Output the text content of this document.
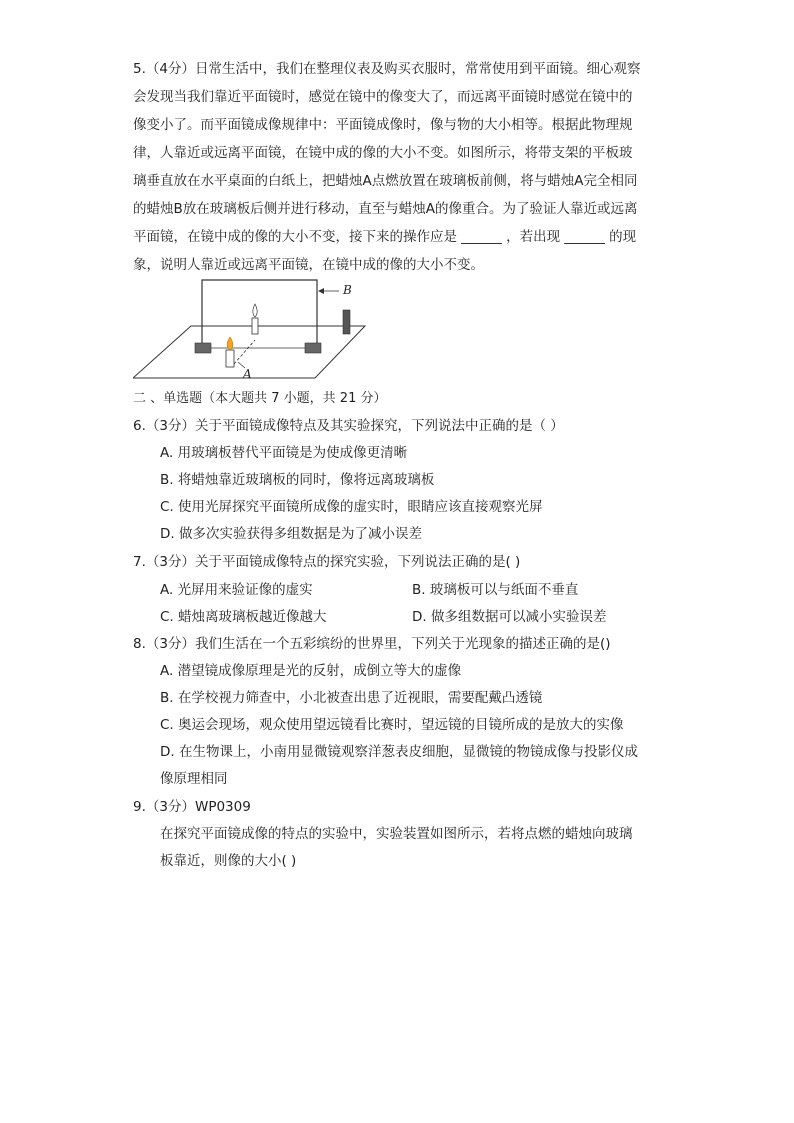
5.（4分）日常生活中，我们在整理仪表及购买衣服时，常常使用到平面镜。细心观察
会发现当我们靠近平面镜时，感觉在镜中的像变大了，而远离平面镜时感觉在镜中的
像变小了。而平面镜成像规律中：平面镜成像时，像与物的大小相等。根据此物理规
律，人靠近或远离平面镜，在镜中成的像的大小不变。如图所示，将带支架的平板玻
璃垂直放在水平桌面的白纸上，把蜡烛A点燃放置在玻璃板前侧，将与蜡烛A完全相同
的蜡烛B放在玻璃板后侧并进行移动，直至与蜡烛A的像重合。为了验证人靠近或远离
平面镜，在镜中成的像的大小不变，接下来的操作应是 ______ ，若出现 ______ 的现
象，说明人靠近或远离平面镜，在镜中成的像的大小不变。
A
B
二 、单选题（本大题共 7 小题，共 21 分）
6.（3分）关于平面镜成像特点及其实验探究，下列说法中正确的是（ ）
A. 用玻璃板替代平面镜是为使成像更清晰
B. 将蜡烛靠近玻璃板的同时，像将远离玻璃板
C. 使用光屏探究平面镜所成像的虚实时，眼睛应该直接观察光屏
D. 做多次实验获得多组数据是为了减小误差
7.（3分）关于平面镜成像特点的探究实验，下列说法正确的是( )
A. 光屏用来验证像的虚实	B. 玻璃板可以与纸面不垂直
C. 蜡烛离玻璃板越近像越大	D. 做多组数据可以减小实验误差
8.（3分）我们生活在一个五彩缤纷的世界里，下列关于光现象的描述正确的是()
A. 潜望镜成像原理是光的反射，成倒立等大的虚像
B. 在学校视力筛查中，小北被查出患了近视眼，需要配戴凸透镜
C. 奥运会现场，观众使用望远镜看比赛时，望远镜的目镜所成的是放大的实像
D. 在生物课上，小南用显微镜观察洋葱表皮细胞，显微镜的物镜成像与投影仪成
像原理相同
9.（3分）WP0309
在探究平面镜成像的特点的实验中，实验装置如图所示，若将点燃的蜡烛向玻璃
板靠近，则像的大小( )
